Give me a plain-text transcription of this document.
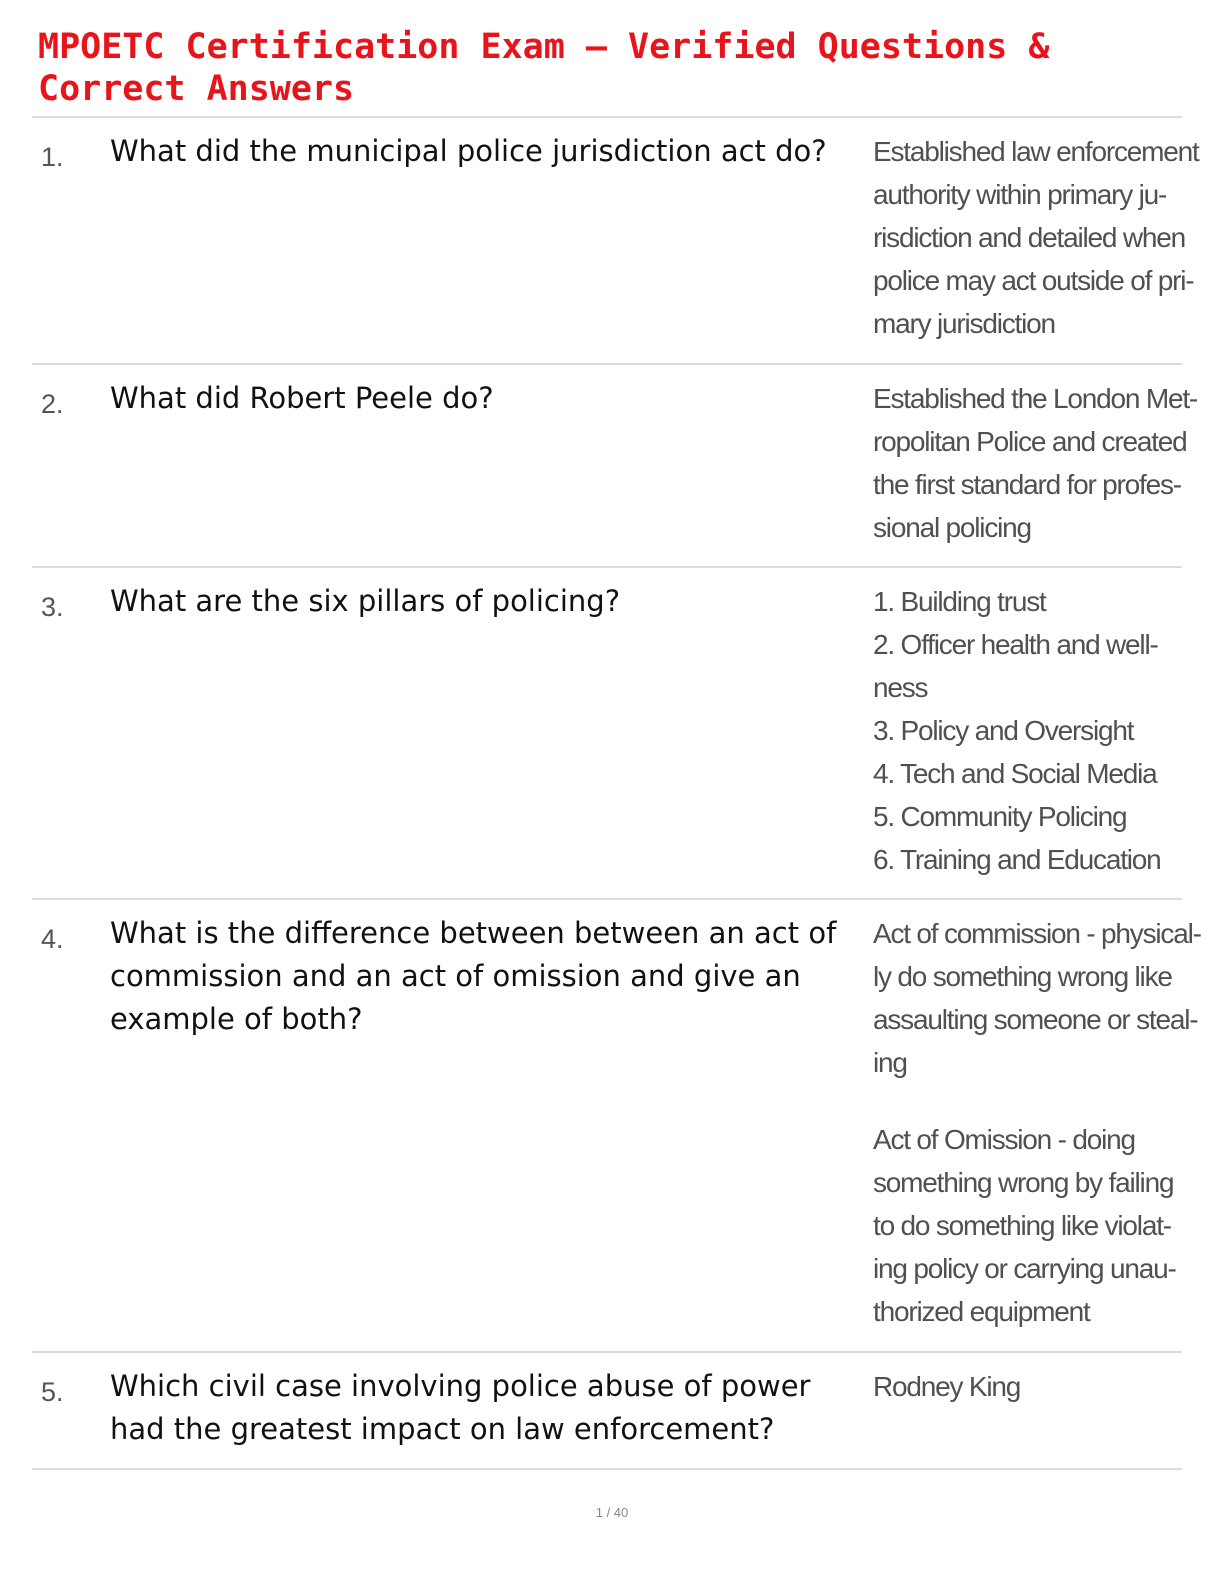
MPOETC Certification Exam – Verified Questions & Correct Answers
1. What did the municipal police jurisdiction act do?	Established law enforcement
authority within primary ju-
risdiction and detailed when
police may act outside of pri-
mary jurisdiction
2. What did Robert Peele do?	Established the London Met-
ropolitan Police and created
the first standard for profes-
sional policing
3. What are the six pillars of policing?	1. Building trust
2. Officer health and well-
ness
3. Policy and Oversight
4. Tech and Social Media
5. Community Policing
6. Training and Education
4. What is the difference between between an act of commission and an act of omission and give an example of both?
Act of commission - physical-
ly do something wrong like
assaulting someone or steal-
ing
Act of Omission - doing
something wrong by failing
to do something like violat-
ing policy or carrying unau-
thorized equipment
5. Which civil case involving police abuse of power had the greatest impact on law enforcement?
Rodney King
1 / 40
